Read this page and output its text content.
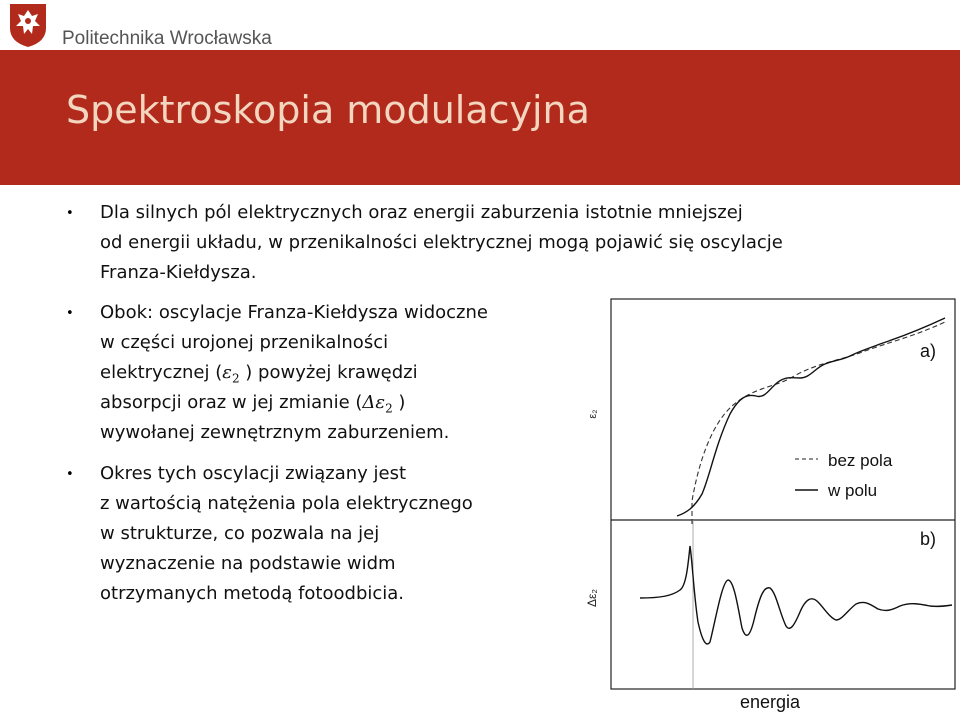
Politechnika Wrocławska
Spektroskopia modulacyjna
• Dla silnych pól elektrycznych oraz energii zaburzenia istotnie mniejszej
od energii układu, w przenikalności elektrycznej mogą pojawić się oscylacje
Franza-Kiełdysza.
• Obok: oscylacje Franza-Kiełdysza widoczne
w części urojonej przenikalności
elektrycznej ($\varepsilon_2$ ) powyżej krawędzi
absorpcji oraz w jej zmianie ($\Delta\varepsilon_2$ )
wywołanej zewnętrznym zaburzeniem.
• Okres tych oscylacji związany jest
z wartością natężenia pola elektrycznego
w strukturze, co pozwala na jej
wyznaczenie na podstawie widm
otrzymanych metodą fotoodbicia.
a)
b)
bez pola
w polu
ε₂
Δε₂
energia
